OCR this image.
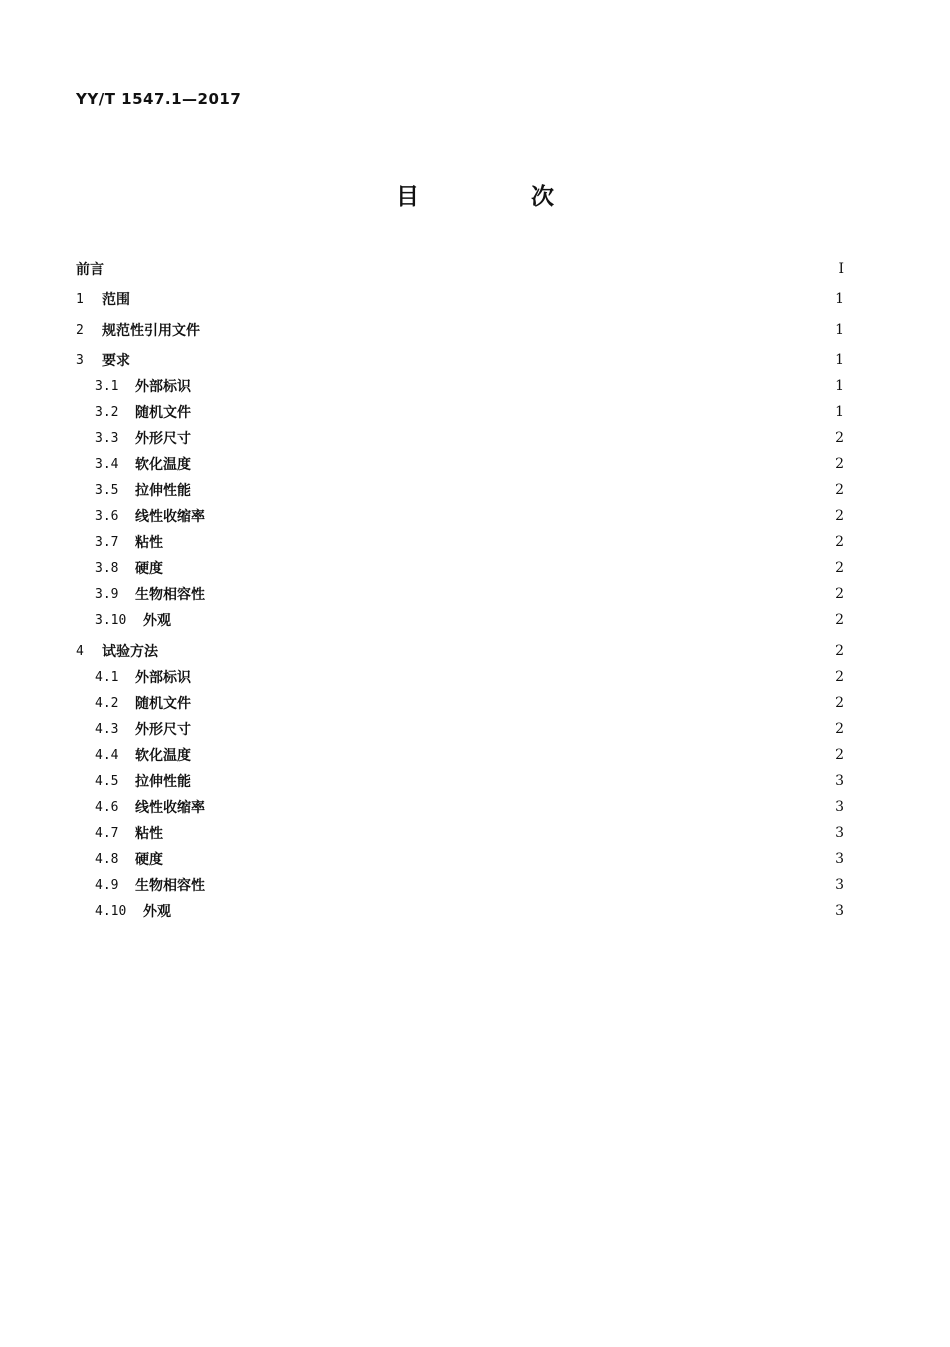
YY/T 1547.1—2017
目 次
前言	I
1	范围	1
2	规范性引用文件	1
3	要求	1
3.1	外部标识	1
3.2	随机文件	1
3.3	外形尺寸	2
3.4	软化温度	2
3.5	拉伸性能	2
3.6	线性收缩率	2
3.7	粘性	2
3.8	硬度	2
3.9	生物相容性	2
3.10	外观	2
4	试验方法	2
4.1	外部标识	2
4.2	随机文件	2
4.3	外形尺寸	2
4.4	软化温度	2
4.5	拉伸性能	3
4.6	线性收缩率	3
4.7	粘性	3
4.8	硬度	3
4.9	生物相容性	3
4.10	外观	3
